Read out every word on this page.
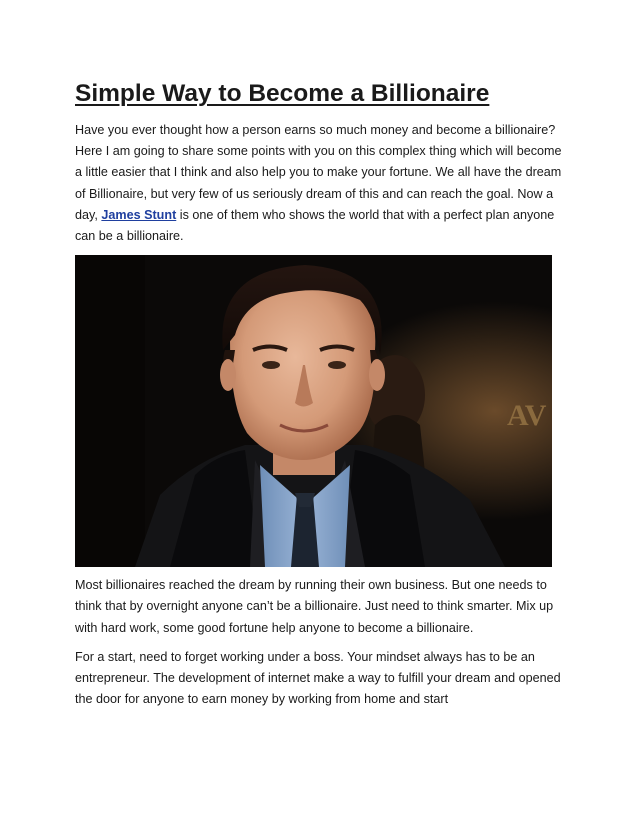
Simple Way to Become a Billionaire

Have you ever thought how a person earns so much money and become a billionaire? Here I am going to share some points with you on this complex thing which will become a little easier that I think and also help you to make your fortune. We all have the dream of Billionaire, but very few of us seriously dream of this and can reach the goal. Now a day, James Stunt is one of them who shows the world that with a perfect plan anyone can be a billionaire.

AV

Most billionaires reached the dream by running their own business. But one needs to think that by overnight anyone can’t be a billionaire. Just need to think smarter. Mix up with hard work, some good fortune help anyone to become a billionaire.

For a start, need to forget working under a boss. Your mindset always has to be an entrepreneur. The development of internet make a way to fulfill your dream and opened the door for anyone to earn money by working from home and start
